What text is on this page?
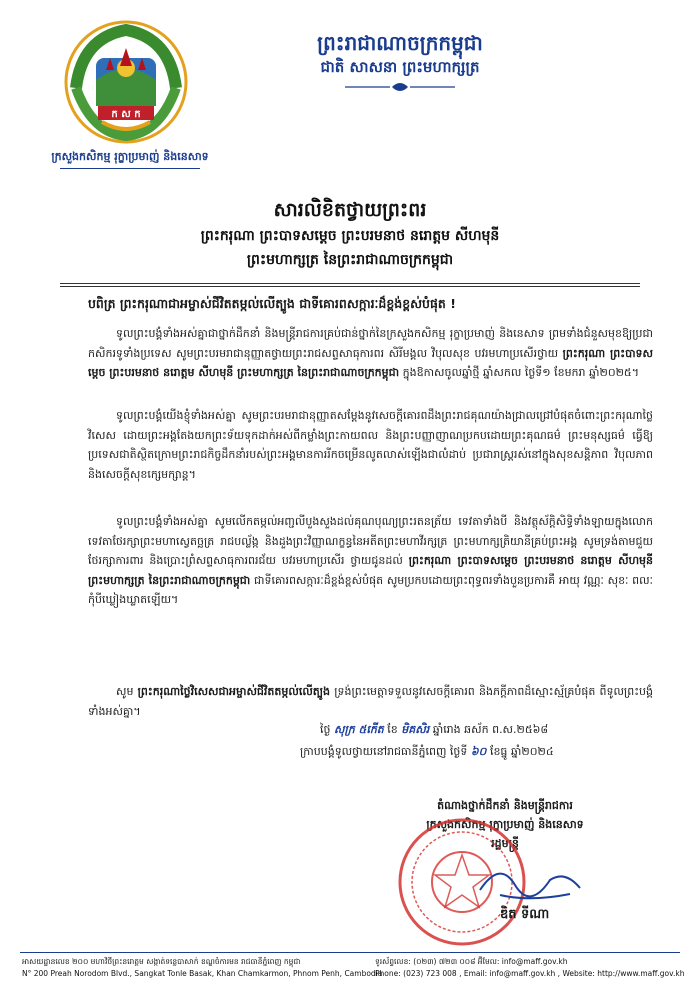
ព្រះរាជាណាចក្រកម្ពុជា
ជាតិ សាសនា ព្រះមហាក្សត្រ
ក ស ក
ក្រសួងកសិកម្ម រុក្ខាប្រមាញ់ និងនេសាទ
សារលិខិតថ្វាយព្រះពរ
ព្រះករុណា ព្រះបាទសម្តេច ព្រះបរមនាថ នរោត្តម សីហមុនី
ព្រះមហាក្សត្រ នៃព្រះរាជាណាចក្រកម្ពុជា
បពិត្រ ព្រះករុណាជាអម្ចាស់ជីវិតតម្កល់លើត្បូង ជាទីគោរពសក្ការៈដ៏ខ្ពង់ខ្ពស់បំផុត !
ទូលព្រះបង្គំទាំងអស់គ្នាជាថ្នាក់ដឹកនាំ និងមន្ត្រីរាជការគ្រប់ជាន់ថ្នាក់នៃក្រសួងកសិកម្ម រុក្ខាប្រមាញ់ និងនេសាទ ព្រមទាំងជំនួសមុខឱ្យប្រជាកសិករទូទាំងប្រទេស សូមព្រះបរមរាជានុញ្ញាតថ្វាយព្រះរាជសព្ទសាធុការពរ សិរីមង្គល វិបុលសុខ បវរមហាប្រសើរថ្វាយ ព្រះករុណា ព្រះបាទសម្តេច ព្រះបរមនាថ នរោត្តម សីហមុនី ព្រះមហាក្សត្រ នៃព្រះរាជាណាចក្រកម្ពុជា ក្នុងឱកាសចូលឆ្នាំថ្មី ឆ្នាំសកល ថ្ងៃទី១ ខែមករា ឆ្នាំ២០២៥។
ទូលព្រះបង្គំយើងខ្ញុំទាំងអស់គ្នា សូមព្រះបរមរាជានុញ្ញាតសម្តែងនូវសេចក្តីគោរពដឹងព្រះរាជគុណយ៉ាងជ្រាលជ្រៅបំផុតចំពោះព្រះករុណាថ្លៃវិសេស ដោយព្រះអង្គតែងយកព្រះទ័យទុកដាក់អស់ពីកម្លាំងព្រះកាយពល និងព្រះបញ្ញាញាណប្រកបដោយព្រះគុណធម៌ ព្រះមនុស្សធម៌ ធ្វើឱ្យប្រទេសជាតិស្ថិតក្រោមព្រះរាជកិច្ចដឹកនាំរបស់ព្រះអង្គមានការរីកចម្រើនលូតលាស់ឡើងជាលំដាប់ ប្រជារាស្ត្ររស់នៅក្នុងសុខសន្តិភាព វិបុលភាព និងសេចក្តីសុខក្សេមក្សាន្ត។
ទូលព្រះបង្គំទាំងអស់គ្នា សូមលើកតម្កល់អញ្ជលីបួងសួងដល់គុណបុណ្យព្រះរតនត្រ័យ ទេវតាទាំងបី និងវត្ថុស័ក្តិសិទ្ធិទាំងឡាយក្នុងលោក ទេវតាថែរក្សាព្រះមហាស្វេតច្ឆត្រ រាជបល្ល័ង្ក និងដួងព្រះវិញ្ញាណក្ខន្ធនៃអតីតព្រះមហាវីរក្សត្រ ព្រះមហាក្សត្រិយានីគ្រប់ព្រះអង្គ សូមទ្រង់តាមជួយថែរក្សាការពារ និងប្រោះព្រំសព្ទសាធុការពរជ័យ បវរមហាប្រសើរ ថ្វាយជូនដល់ ព្រះករុណា ព្រះបាទសម្តេច ព្រះបរមនាថ នរោត្តម សីហមុនី ព្រះមហាក្សត្រ នៃព្រះរាជាណាចក្រកម្ពុជា ជាទីគោរពសក្ការៈដ៏ខ្ពង់ខ្ពស់បំផុត សូមប្រកបដោយព្រះពុទ្ធពរទាំងបួនប្រការគឺ អាយុ វណ្ណៈ សុខៈ ពលៈ កុំបីឃ្លៀងឃ្លាតឡើយ។
សូម ព្រះករុណាថ្លៃវិសេសជាអម្ចាស់ជីវិតតម្កល់លើត្បូង ទ្រង់ព្រះមេត្តាទទួលនូវសេចក្តីគោរព និងភក្តីភាពដ៏ស្មោះស្ម័គ្របំផុត ពីទូលព្រះបង្គំទាំងអស់គ្នា។
ថ្ងៃ សុក្រ ៥កើត ខែ មិគសិរ ឆ្នាំរោង ឆស័ក ព.ស.២៥៦៨
ក្រាបបង្គំទូលថ្វាយនៅរាជធានីភ្នំពេញ ថ្ងៃទី ៦០ ខែធ្នូ ឆ្នាំ២០២៤
តំណាងថ្នាក់ដឹកនាំ និងមន្ត្រីរាជការ
ក្រសួងកសិកម្ម រុក្ខាប្រមាញ់ និងនេសាទ
រដ្ឋមន្ត្រី
ឌិត ទីណា
អាសយដ្ឋានលេខ ២០០ មហាវិថីព្រះនរោត្តម សង្កាត់ទន្លេបាសាក់ ខណ្ឌចំការមន រាជធានីភ្នំពេញ កម្ពុជា
N° 200 Preah Norodom Blvd., Sangkat Tonle Basak, Khan Chamkarmon, Phnom Penh, Cambodia
ទូរស័ព្ទលេខ: (០២៣) ៧២៣ ០០៨ អ៊ីមែល: info@maff.gov.kh
Phone: (023) 723 008 , Email: info@maff.gov.kh , Website: http://www.maff.gov.kh
